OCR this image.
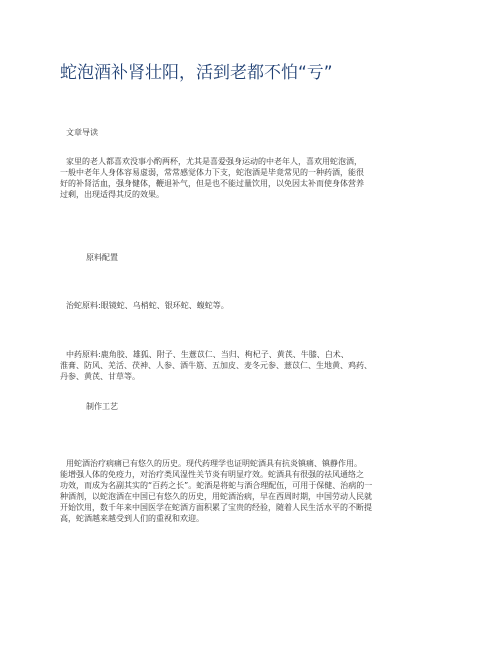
蛇泡酒补肾壮阳，活到老都不怕“亏”
文章导读
家里的老人都喜欢没事小酌两杯，尤其是喜爱强身运动的中老年人，喜欢用蛇泡酒，
一般中老年人身体容易虚弱，常常感觉体力下支，蛇泡酒是毕竟常见的一种药酒，能很
好的补肾活血，强身健体，鞭退补气，但是也不能过量饮用，以免因太补而使身体营养
过剩，出现适得其反的效果。
原料配置
治蛇原料:眼镜蛇、乌梢蛇、银环蛇、蝮蛇等。
中药原料:鹿角胶、雄狐、附子、生薏苡仁、当归、枸杞子、黄芪、牛膝、白术、
淮膏、防风、羌活、茯神、人参、酒牛筋、五加皮、麦冬元参、薏苡仁、生地黄、鸡药、
丹参、黄芪、甘草等。
制作工艺
用蛇酒治疗病痛已有悠久的历史。现代药理学也证明蛇酒具有抗炎镇痛、镇静作用。
能增强人体的免疫力，对治疗类风湿性关节炎有明显疗效。蛇酒具有很强的祛风通络之
功效，而成为名副其实的“百药之长”。蛇酒是将蛇与酒合理配伍，可用于保健、治病的一
种酒剂，以蛇泡酒在中国已有悠久的历史，用蛇酒治病，早在西周时期，中国劳动人民就
开始饮用，数千年来中国医学在蛇酒方面积累了宝贵的经验，随着人民生活水平的不断提
高，蛇酒越来越受到人们的重视和欢迎。
